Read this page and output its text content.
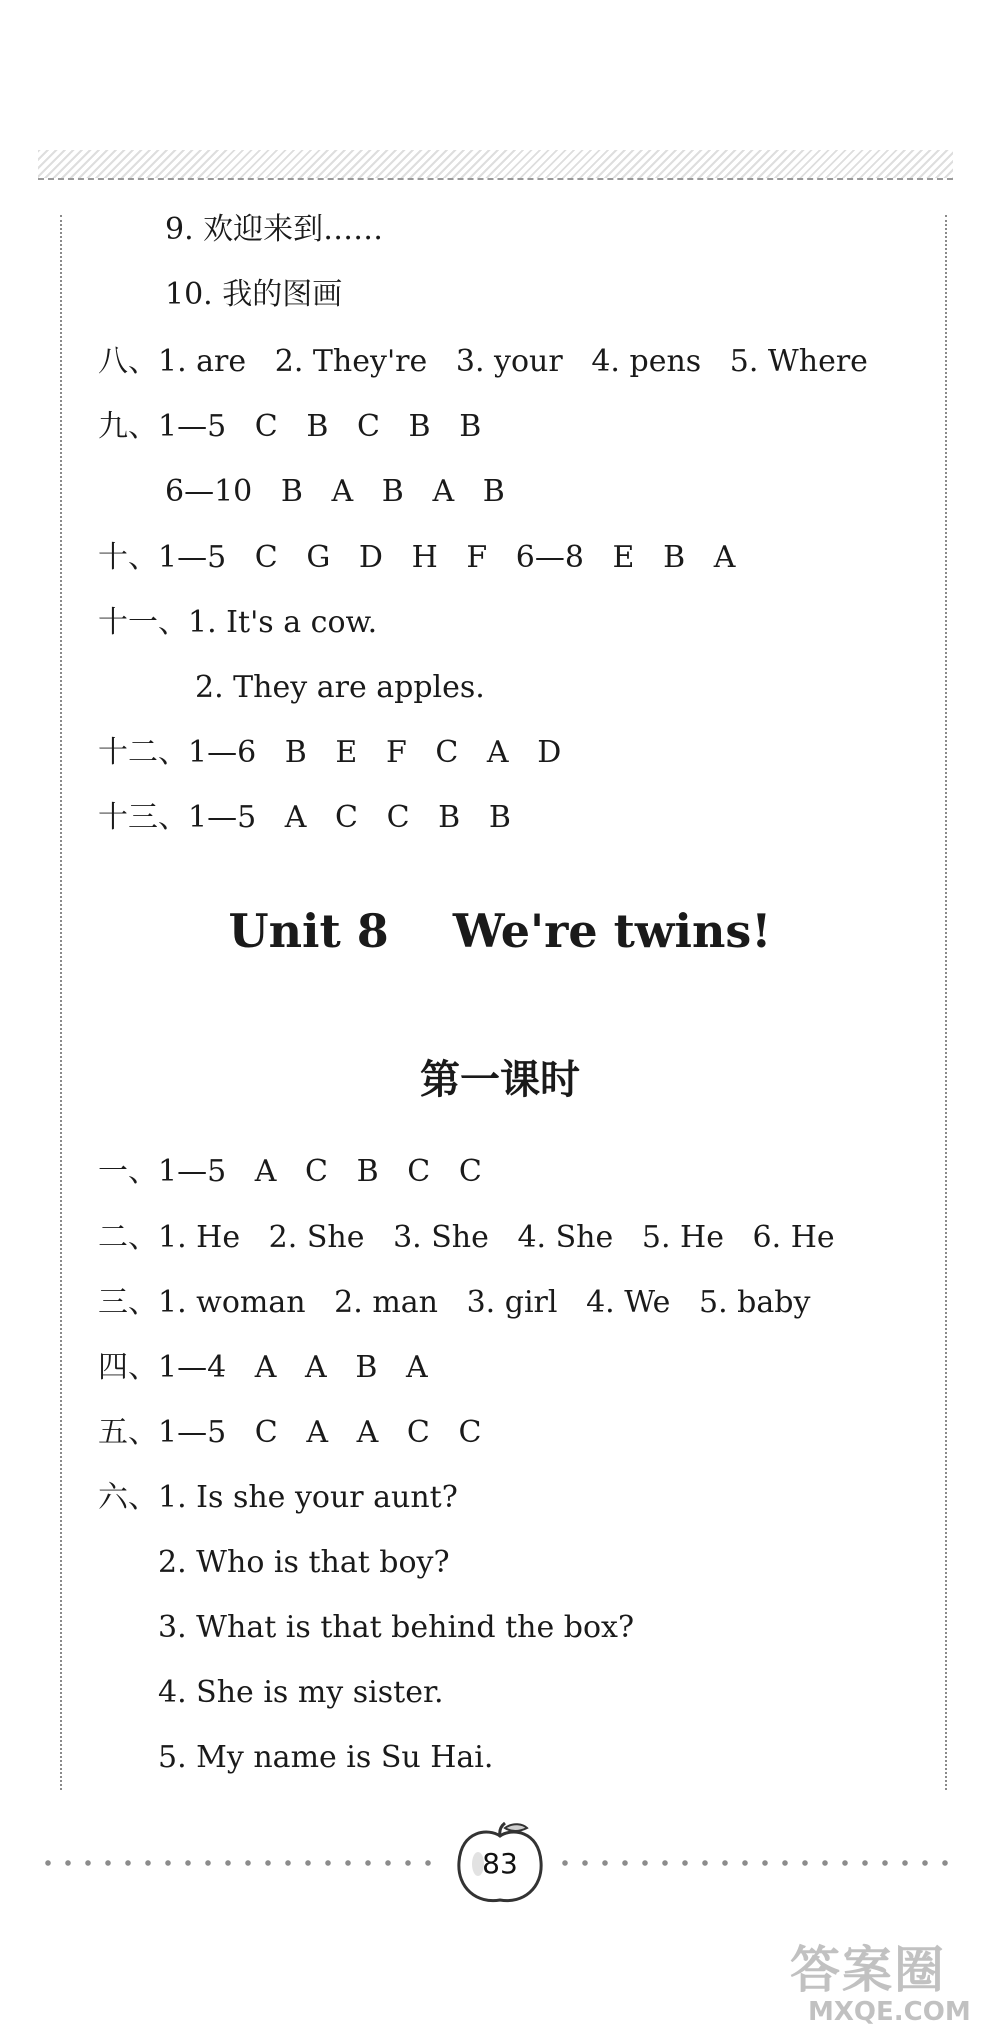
9. 欢迎来到……
10. 我的图画
八、1. are   2. They're   3. your   4. pens   5. Where
九、1—5   C   B   C   B   B
6—10   B   A   B   A   B
十、1—5   C   G   D   H   F   6—8   E   B   A
十一、1. It's a cow.
2. They are apples.
十二、1—6   B   E   F   C   A   D
十三、1—5   A   C   C   B   B
Unit 8    We're twins!
第一课时
一、1—5   A   C   B   C   C
二、1. He   2. She   3. She   4. She   5. He   6. He
三、1. woman   2. man   3. girl   4. We   5. baby
四、1—4   A   A   B   A
五、1—5   C   A   A   C   C
六、1. Is she your aunt?
2. Who is that boy?
3. What is that behind the box?
4. She is my sister.
5. My name is Su Hai.
83
答案圈
MXQE.COM
